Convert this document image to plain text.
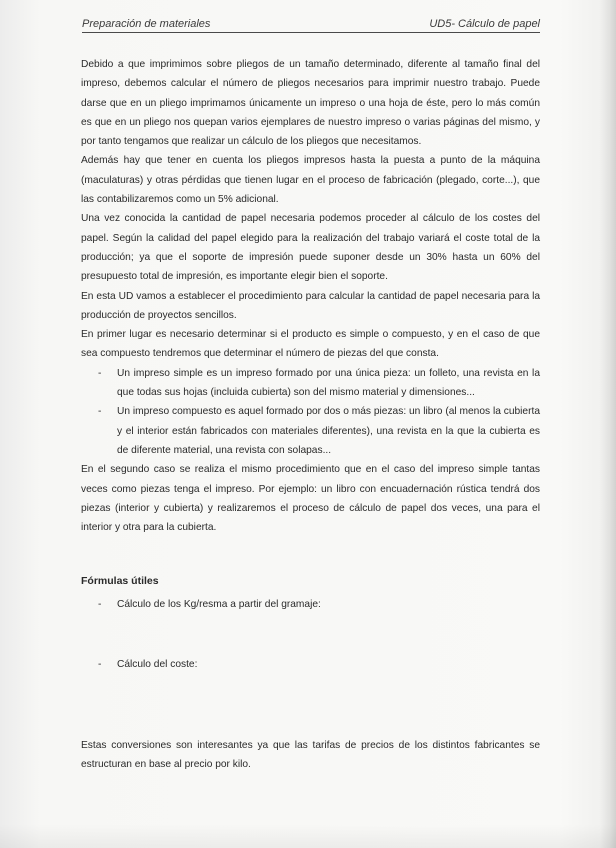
Preparación de materiales	UD5- Cálculo de papel

Debido a que imprimimos sobre pliegos de un tamaño determinado, diferente al tamaño final del impreso, debemos calcular el número de pliegos necesarios para imprimir nuestro trabajo. Puede darse que en un pliego imprimamos únicamente un impreso o una hoja de éste, pero lo más común es que en un pliego nos quepan varios ejemplares de nuestro impreso o varias páginas del mismo, y por tanto tengamos que realizar un cálculo de los pliegos que necesitamos.

Además hay que tener en cuenta los pliegos impresos hasta la puesta a punto de la máquina (maculaturas) y otras pérdidas que tienen lugar en el proceso de fabricación (plegado, corte...), que las contabilizaremos como un 5% adicional.

Una vez conocida la cantidad de papel necesaria podemos proceder al cálculo de los costes del papel. Según la calidad del papel elegido para la realización del trabajo variará el coste total de la producción; ya que el soporte de impresión puede suponer desde un 30% hasta un 60% del presupuesto total de impresión, es importante elegir bien el soporte.

En esta UD vamos a establecer el procedimiento para calcular la cantidad de papel necesaria para la producción de proyectos sencillos.

En primer lugar es necesario determinar si el producto es simple o compuesto, y en el caso de que sea compuesto tendremos que determinar el número de piezas del que consta.

- Un impreso simple es un impreso formado por una única pieza: un folleto, una revista en la que todas sus hojas (incluida cubierta) son del mismo material y dimensiones...
- Un impreso compuesto es aquel formado por dos o más piezas: un libro (al menos la cubierta y el interior están fabricados con materiales diferentes), una revista en la que la cubierta es de diferente material, una revista con solapas...

En el segundo caso se realiza el mismo procedimiento que en el caso del impreso simple tantas veces como piezas tenga el impreso. Por ejemplo: un libro con encuadernación rústica tendrá dos piezas (interior y cubierta) y realizaremos el proceso de cálculo de papel dos veces, una para el interior y otra para la cubierta.

Fórmulas útiles
- Cálculo de los Kg/resma a partir del gramaje:
- Cálculo del coste:

Estas conversiones son interesantes ya que las tarifas de precios de los distintos fabricantes se estructuran en base al precio por kilo.
